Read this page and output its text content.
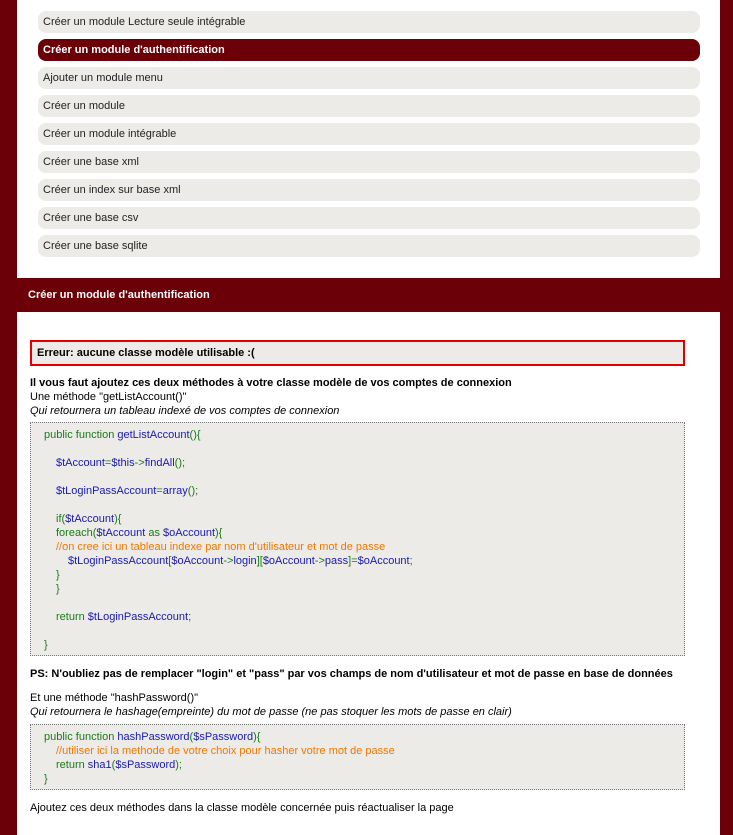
Créer un module Lecture seule intégrable
Créer un module d'authentification
Ajouter un module menu
Créer un module
Créer un module intégrable
Créer une base xml
Créer un index sur base xml
Créer une base csv
Créer une base sqlite
Créer un module d'authentification
Erreur: aucune classe modèle utilisable :(
Il vous faut ajoutez ces deux méthodes à votre classe modèle de vos comptes de connexion
Une méthode "getListAccount()"
Qui retournera un tableau indexé de vos comptes de connexion
public function getListAccount(){
$tAccount=$this->findAll();
$tLoginPassAccount=array();
if($tAccount){
foreach($tAccount as $oAccount){
//on cree ici un tableau indexe par nom d'utilisateur et mot de passe
$tLoginPassAccount[$oAccount->login][$oAccount->pass]=$oAccount;
}
}
return $tLoginPassAccount;
}
PS: N'oubliez pas de remplacer "login" et "pass" par vos champs de nom d'utilisateur et mot de passe en base de données
Et une méthode "hashPassword()"
Qui retournera le hashage(empreinte) du mot de passe (ne pas stoquer les mots de passe en clair)
public function hashPassword($sPassword){
//utiliser ici la methode de votre choix pour hasher votre mot de passe
return sha1($sPassword);
}
Ajoutez ces deux méthodes dans la classe modèle concernée puis réactualiser la page
